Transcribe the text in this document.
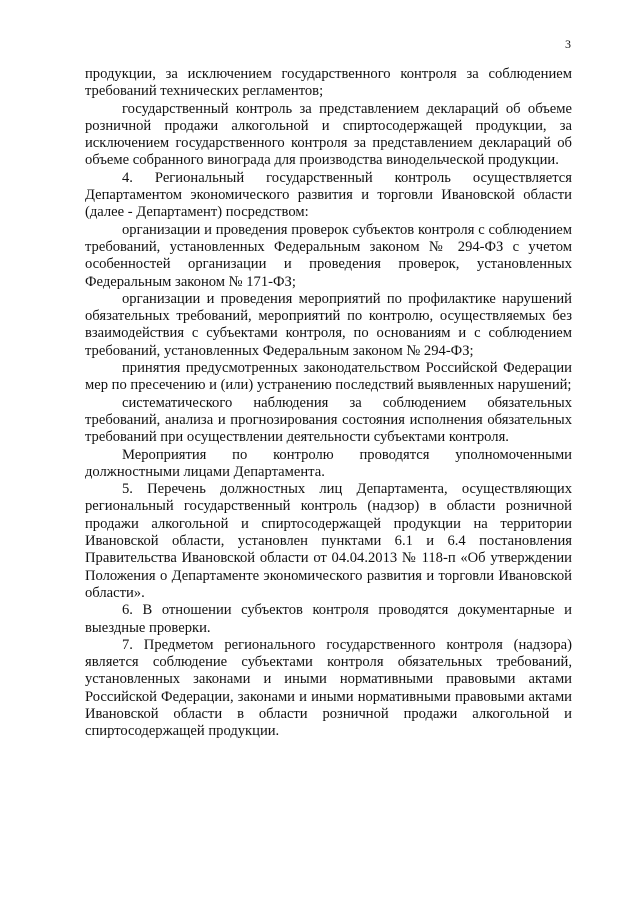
3

продукции, за исключением государственного контроля за соблюдением требований технических регламентов;

государственный контроль за представлением деклараций об объеме розничной продажи алкогольной и спиртосодержащей продукции, за исключением государственного контроля за представлением деклараций об объеме собранного винограда для производства винодельческой продукции.

4. Региональный государственный контроль осуществляется Департаментом экономического развития и торговли Ивановской области (далее - Департамент) посредством:

организации и проведения проверок субъектов контроля с соблюдением требований, установленных Федеральным законом № 294-ФЗ с учетом особенностей организации и проведения проверок, установленных Федеральным законом № 171-ФЗ;

организации и проведения мероприятий по профилактике нарушений обязательных требований, мероприятий по контролю, осуществляемых без взаимодействия с субъектами контроля, по основаниям и с соблюдением требований, установленных Федеральным законом № 294-ФЗ;

принятия предусмотренных законодательством Российской Федерации мер по пресечению и (или) устранению последствий выявленных нарушений;

систематического наблюдения за соблюдением обязательных требований, анализа и прогнозирования состояния исполнения обязательных требований при осуществлении деятельности субъектами контроля.

Мероприятия по контролю проводятся уполномоченными должностными лицами Департамента.

5. Перечень должностных лиц Департамента, осуществляющих региональный государственный контроль (надзор) в области розничной продажи алкогольной и спиртосодержащей продукции на территории Ивановской области, установлен пунктами 6.1 и 6.4 постановления Правительства Ивановской области от 04.04.2013 № 118-п «Об утверждении Положения о Департаменте экономического развития и торговли Ивановской области».

6. В отношении субъектов контроля проводятся документарные и выездные проверки.

7. Предметом регионального государственного контроля (надзора) является соблюдение субъектами контроля обязательных требований, установленных законами и иными нормативными правовыми актами Российской Федерации, законами и иными нормативными правовыми актами Ивановской области в области розничной продажи алкогольной и спиртосодержащей продукции.
